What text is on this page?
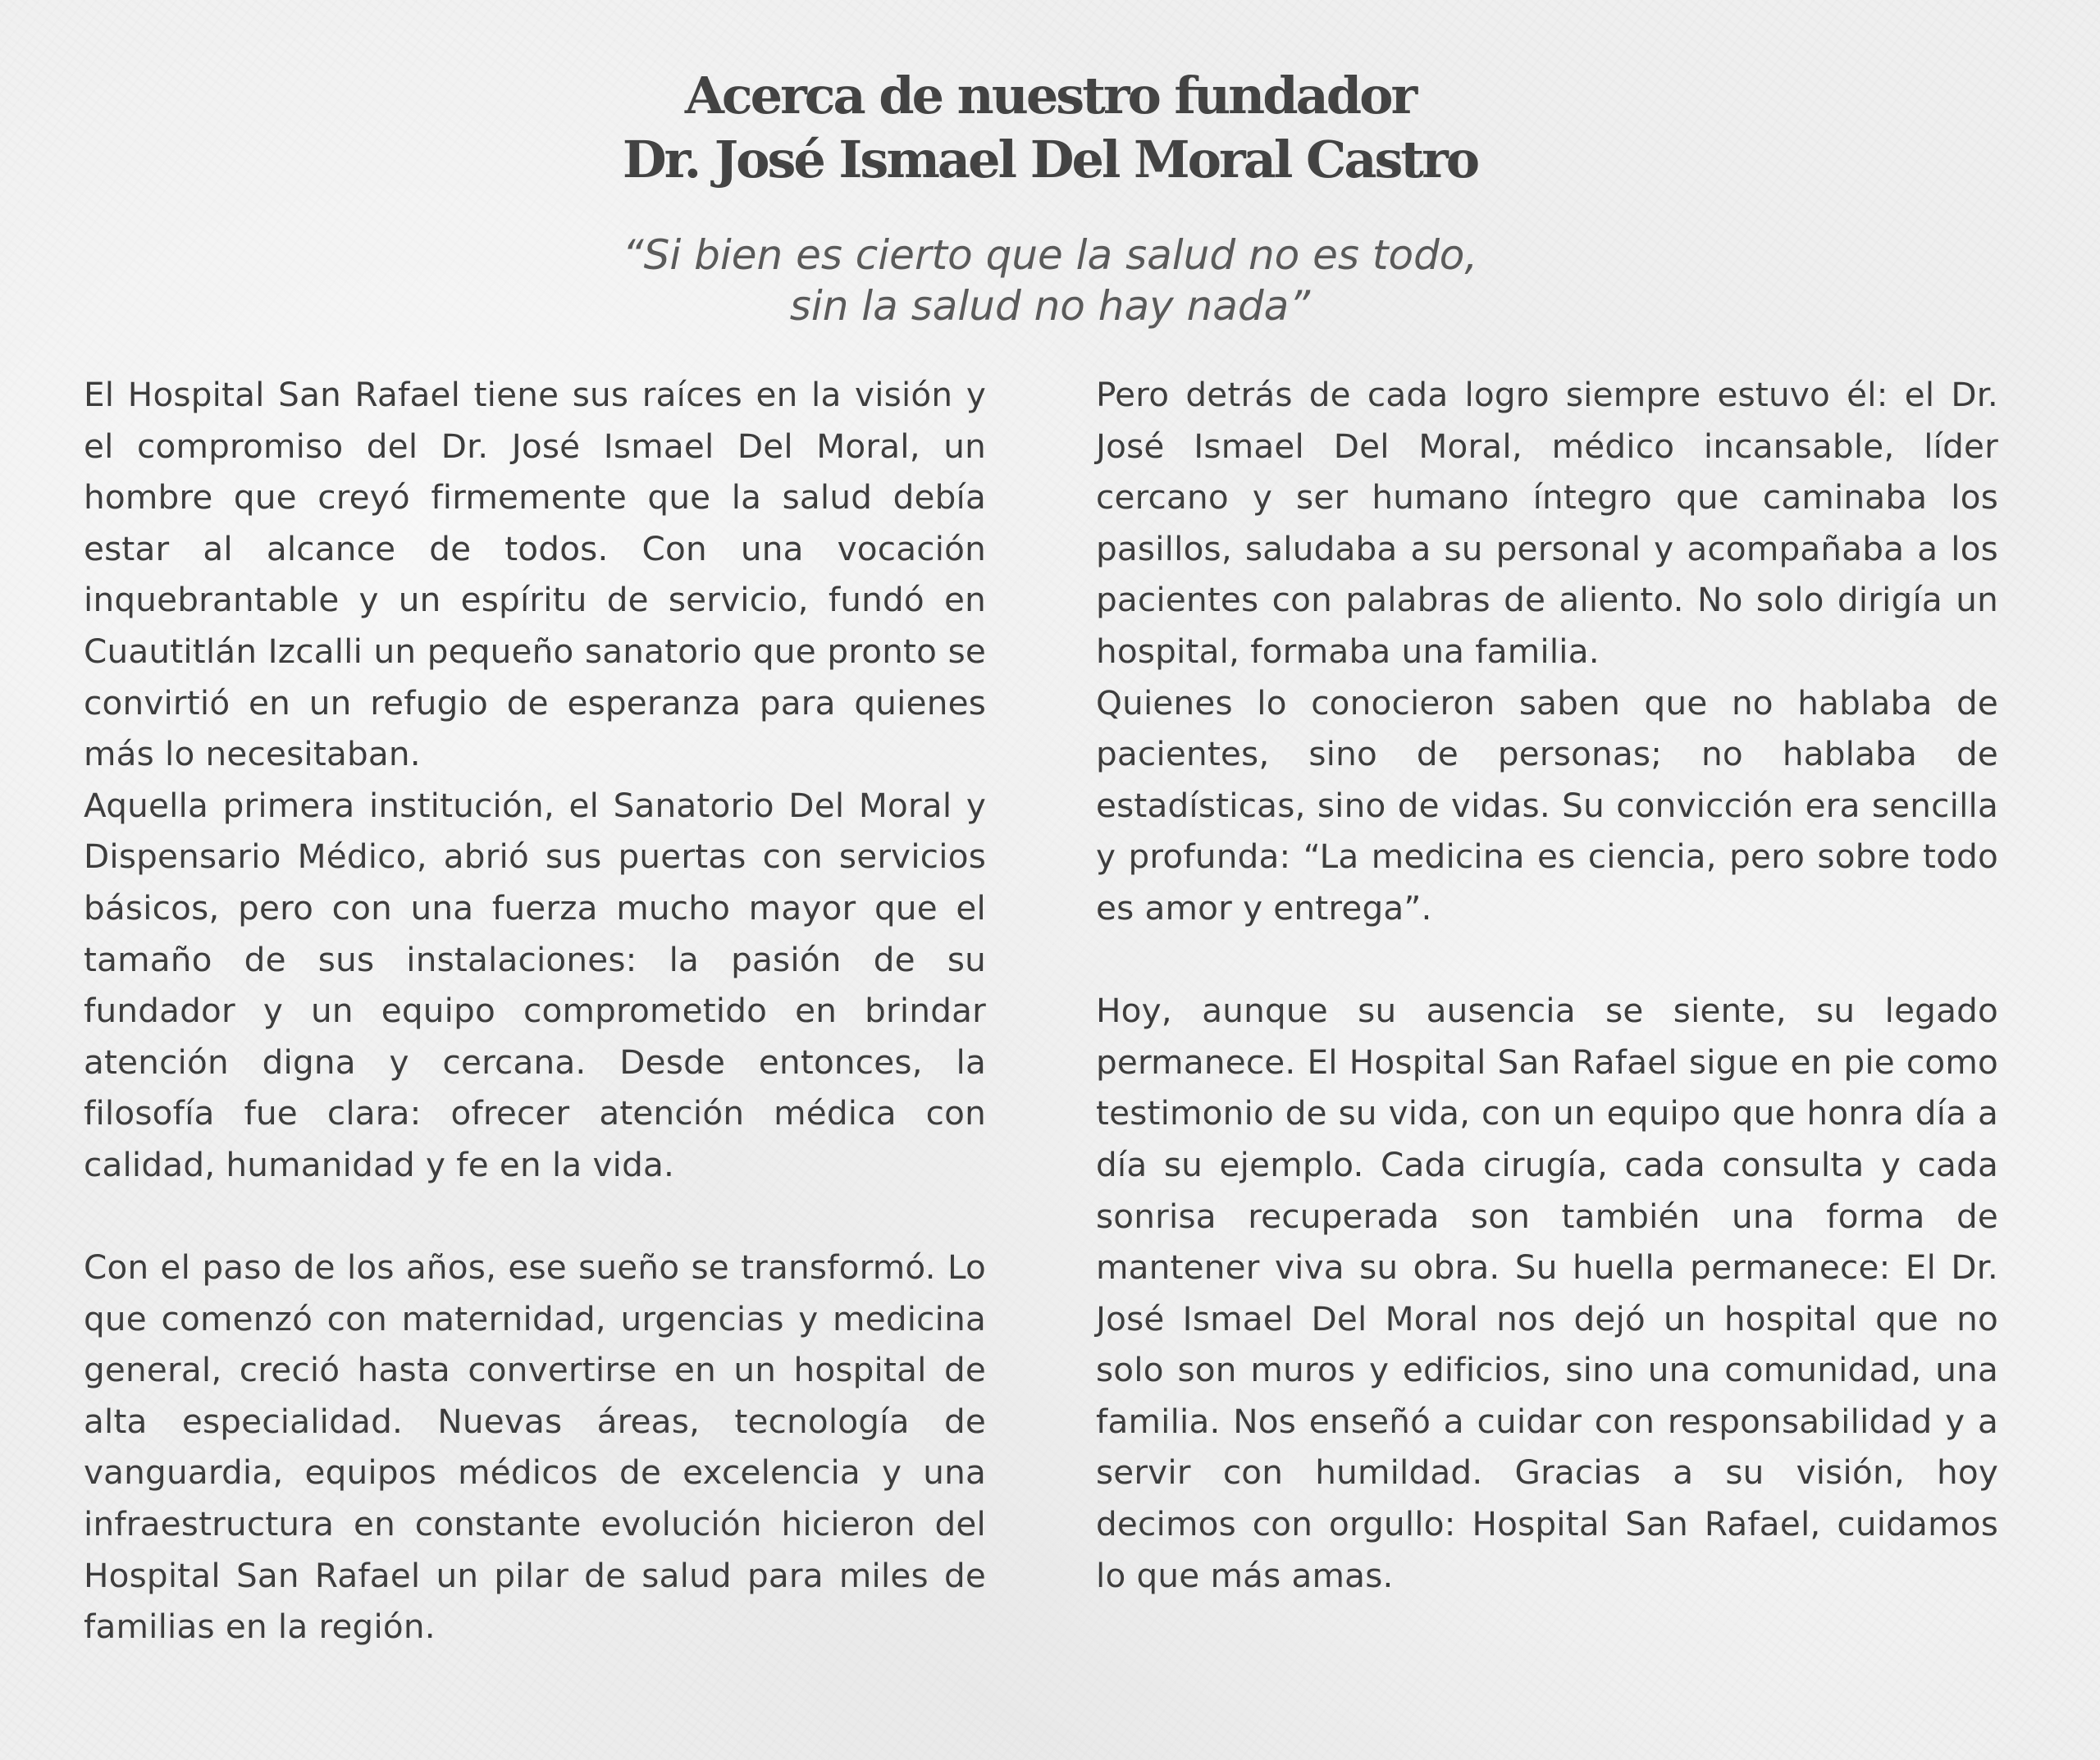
Acerca de nuestro fundador
Dr. José Ismael Del Moral Castro
“Si bien es cierto que la salud no es todo,
sin la salud no hay nada”

El Hospital San Rafael tiene sus raíces en la visión y el compromiso del Dr. José Ismael Del Moral, un hombre que creyó firmemente que la salud debía estar al alcance de todos. Con una vocación inquebrantable y un espíritu de servicio, fundó en Cuautitlán Izcalli un pequeño sanatorio que pronto se convirtió en un refugio de esperanza para quienes más lo necesitaban.

Aquella primera institución, el Sanatorio Del Moral y Dispensario Médico, abrió sus puertas con servicios básicos, pero con una fuerza mucho mayor que el tamaño de sus instalaciones: la pasión de su fundador y un equipo comprometido en brindar atención digna y cercana. Desde entonces, la filosofía fue clara: ofrecer atención médica con calidad, humanidad y fe en la vida.

Con el paso de los años, ese sueño se transformó. Lo que comenzó con maternidad, urgencias y medicina general, creció hasta convertirse en un hospital de alta especialidad. Nuevas áreas, tecnología de vanguardia, equipos médicos de excelencia y una infraestructura en constante evolución hicieron del Hospital San Rafael un pilar de salud para miles de familias en la región.

Pero detrás de cada logro siempre estuvo él: el Dr. José Ismael Del Moral, médico incansable, líder cercano y ser humano íntegro que caminaba los pasillos, saludaba a su personal y acompañaba a los pacientes con palabras de aliento. No solo dirigía un hospital, formaba una familia.

Quienes lo conocieron saben que no hablaba de pacientes, sino de personas; no hablaba de estadísticas, sino de vidas. Su convicción era sencilla y profunda: “La medicina es ciencia, pero sobre todo es amor y entrega”.

Hoy, aunque su ausencia se siente, su legado permanece. El Hospital San Rafael sigue en pie como testimonio de su vida, con un equipo que honra día a día su ejemplo. Cada cirugía, cada consulta y cada sonrisa recuperada son también una forma de mantener viva su obra. Su huella permanece: El Dr. José Ismael Del Moral nos dejó un hospital que no solo son muros y edificios, sino una comunidad, una familia. Nos enseñó a cuidar con responsabilidad y a servir con humildad. Gracias a su visión, hoy decimos con orgullo: Hospital San Rafael, cuidamos lo que más amas.
